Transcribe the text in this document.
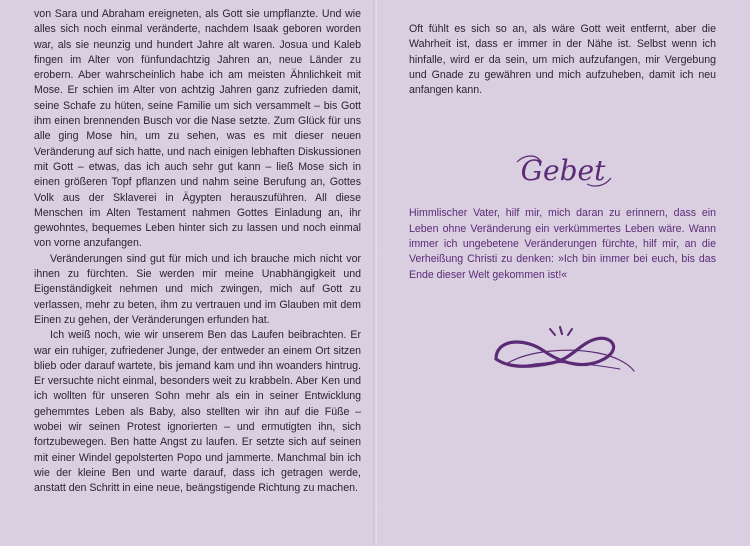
von Sara und Abraham ereigneten, als Gott sie umpflanzte. Und wie alles sich noch einmal veränderte, nachdem Isaak geboren worden war, als sie neunzig und hundert Jahre alt waren. Josua und Kaleb fingen im Alter von fünfundachtzig Jahren an, neue Länder zu erobern. Aber wahrscheinlich habe ich am meisten Ähnlichkeit mit Mose. Er schien im Alter von achtzig Jahren ganz zufrieden damit, seine Schafe zu hüten, seine Familie um sich versammelt – bis Gott ihm einen brennenden Busch vor die Nase setzte. Zum Glück für uns alle ging Mose hin, um zu sehen, was es mit dieser neuen Veränderung auf sich hatte, und nach einigen lebhaften Diskussionen mit Gott – etwas, das ich auch sehr gut kann – ließ Mose sich in einen größeren Topf pflanzen und nahm seine Berufung an, Gottes Volk aus der Sklaverei in Ägypten herauszuführen. All diese Menschen im Alten Testament nahmen Gottes Einladung an, ihr gewohntes, bequemes Leben hinter sich zu lassen und noch einmal von vorne anzufangen.

Veränderungen sind gut für mich und ich brauche mich nicht vor ihnen zu fürchten. Sie werden mir meine Unabhängigkeit und Eigenständigkeit nehmen und mich zwingen, mich auf Gott zu verlassen, mehr zu beten, ihm zu vertrauen und im Glauben mit dem Einen zu gehen, der Veränderungen erfunden hat.

Ich weiß noch, wie wir unserem Ben das Laufen beibrachten. Er war ein ruhiger, zufriedener Junge, der entweder an einem Ort sitzen blieb oder darauf wartete, bis jemand kam und ihn woanders hintrug. Er versuchte nicht einmal, besonders weit zu krabbeln. Aber Ken und ich wollten für unseren Sohn mehr als ein in seiner Entwicklung gehemmtes Leben als Baby, also stellten wir ihn auf die Füße – wobei wir seinen Protest ignorierten – und ermutigten ihn, sich fortzubewegen. Ben hatte Angst zu laufen. Er setzte sich auf seinen mit einer Windel gepolsterten Popo und jammerte. Manchmal bin ich wie der kleine Ben und warte darauf, dass ich getragen werde, anstatt den Schritt in eine neue, beängstigende Richtung zu machen.

Oft fühlt es sich so an, als wäre Gott weit entfernt, aber die Wahrheit ist, dass er immer in der Nähe ist. Selbst wenn ich hinfalle, wird er da sein, um mich aufzufangen, mir Vergebung und Gnade zu gewähren und mich aufzuheben, damit ich neu anfangen kann.

Gebet

Himmlischer Vater, hilf mir, mich daran zu erinnern, dass ein Leben ohne Veränderung ein verkümmertes Leben wäre. Wann immer ich ungebetene Veränderungen fürchte, hilf mir, an die Verheißung Christi zu denken: »Ich bin immer bei euch, bis das Ende dieser Welt gekommen ist!«
